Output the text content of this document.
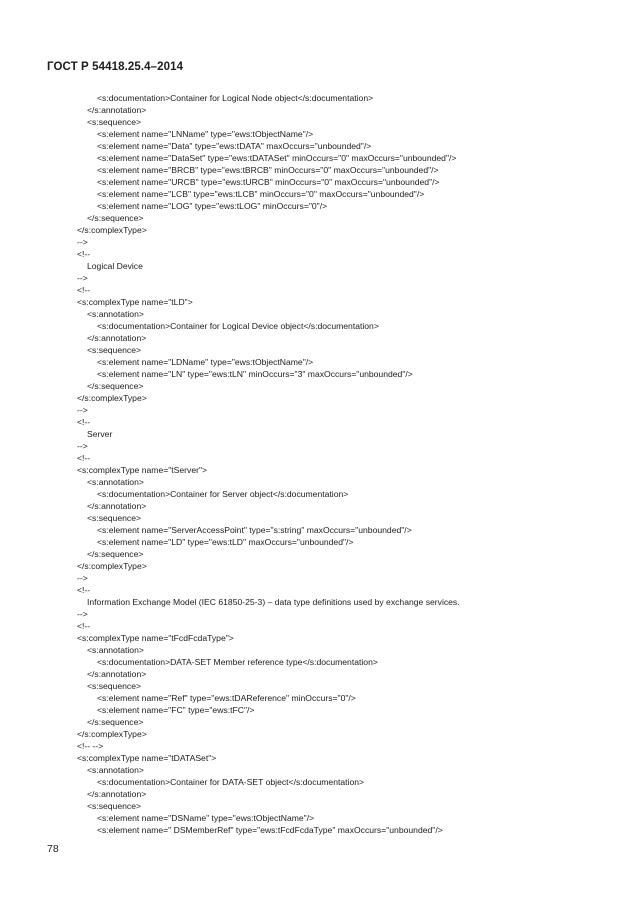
ГОСТ Р 54418.25.4–2014
<s:documentation>Container for Logical Node object</s:documentation>
</s:annotation>
<s:sequence>
<s:element name="LNName" type="ews:tObjectName"/>
<s:element name="Data" type="ews:tDATA" maxOccurs="unbounded"/>
<s:element name="DataSet" type="ews:tDATASet" minOccurs="0" maxOccurs="unbounded"/>
<s:element name="BRCB" type="ews:tBRCB" minOccurs="0" maxOccurs="unbounded"/>
<s:element name="URCB" type="ews:tURCB" minOccurs="0" maxOccurs="unbounded"/>
<s:element name="LCB" type="ews:tLCB" minOccurs="0" maxOccurs="unbounded"/>
<s:element name="LOG" type="ews:tLOG" minOccurs="0"/>
</s:sequence>
</s:complexType>
-->
<!--
Logical Device
-->
<!--
<s:complexType name="tLD">
<s:annotation>
<s:documentation>Container for Logical Device object</s:documentation>
</s:annotation>
<s:sequence>
<s:element name="LDName" type="ews:tObjectName"/>
<s:element name="LN" type="ews:tLN" minOccurs="3" maxOccurs="unbounded"/>
</s:sequence>
</s:complexType>
-->
<!--
Server
-->
<!--
<s:complexType name="tServer">
<s:annotation>
<s:documentation>Container for Server object</s:documentation>
</s:annotation>
<s:sequence>
<s:element name="ServerAccessPoint" type="s:string" maxOccurs="unbounded"/>
<s:element name="LD" type="ews:tLD" maxOccurs="unbounded"/>
</s:sequence>
</s:complexType>
-->
<!--
Information Exchange Model (IEC 61850-25-3) – data type definitions used by exchange services.
-->
<!--
<s:complexType name="tFcdFcdaType">
<s:annotation>
<s:documentation>DATA-SET Member reference type</s:documentation>
</s:annotation>
<s:sequence>
<s:element name="Ref" type="ews:tDAReference" minOccurs="0"/>
<s:element name="FC" type="ews:tFC"/>
</s:sequence>
</s:complexType>
<!-- -->
<s:complexType name="tDATASet">
<s:annotation>
<s:documentation>Container for DATA-SET object</s:documentation>
</s:annotation>
<s:sequence>
<s:element name="DSName" type="ews:tObjectName"/>
<s:element name=" DSMemberRef" type="ews:tFcdFcdaType" maxOccurs="unbounded"/>
78
